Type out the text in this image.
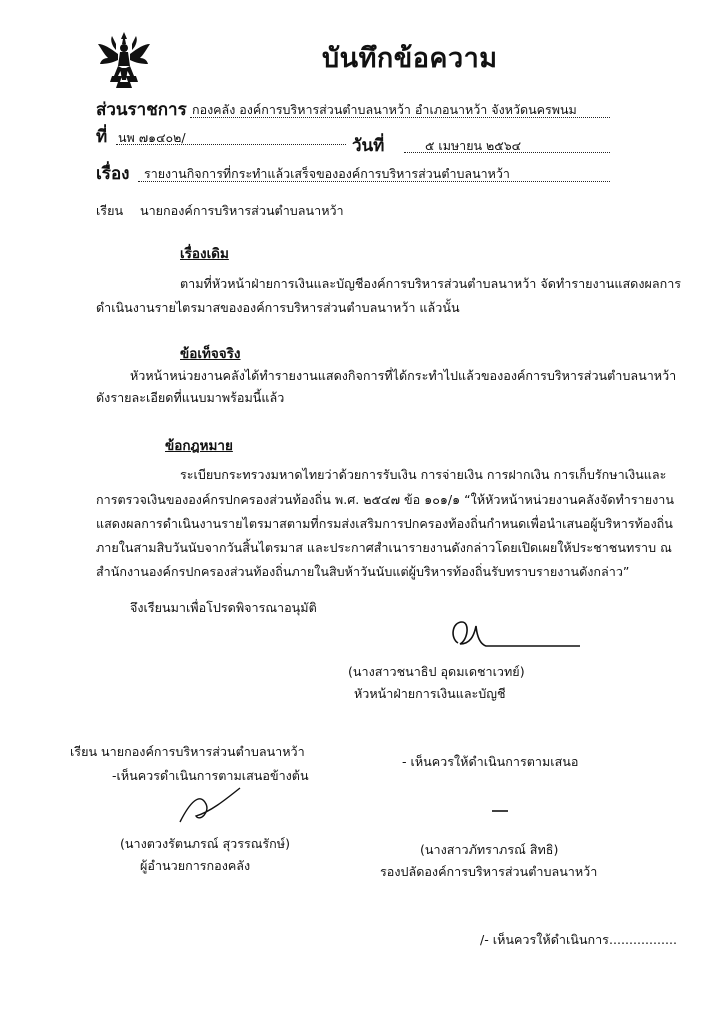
บันทึกข้อความ
ส่วนราชการ กองคลัง องค์การบริหารส่วนตำบลนาหว้า อำเภอนาหว้า จังหวัดนครพนม
ที่ นพ ๗๑๔๐๒/	วันที่	๕ เมษายน ๒๕๖๔
เรื่อง รายงานกิจการที่กระทำแล้วเสร็จขององค์การบริหารส่วนตำบลนาหว้า
เรียน นายกองค์การบริหารส่วนตำบลนาหว้า
เรื่องเดิม
ตามที่หัวหน้าฝ่ายการเงินและบัญชีองค์การบริหารส่วนตำบลนาหว้า จัดทำรายงานแสดงผลการ
ดำเนินงานรายไตรมาสขององค์การบริหารส่วนตำบลนาหว้า แล้วนั้น
ข้อเท็จจริง
หัวหน้าหน่วยงานคลังได้ทำรายงานแสดงกิจการที่ได้กระทำไปแล้วขององค์การบริหารส่วนตำบลนาหว้า
ดังรายละเอียดที่แนบมาพร้อมนี้แล้ว
ข้อกฎหมาย
ระเบียบกระทรวงมหาดไทยว่าด้วยการรับเงิน การจ่ายเงิน การฝากเงิน การเก็บรักษาเงินและ
การตรวจเงินขององค์กรปกครองส่วนท้องถิ่น พ.ศ. ๒๕๔๗ ข้อ ๑๐๑/๑ “ให้หัวหน้าหน่วยงานคลังจัดทำรายงาน
แสดงผลการดำเนินงานรายไตรมาสตามที่กรมส่งเสริมการปกครองท้องถิ่นกำหนดเพื่อนำเสนอผู้บริหารท้องถิ่น
ภายในสามสิบวันนับจากวันสิ้นไตรมาส และประกาศสำเนารายงานดังกล่าวโดยเปิดเผยให้ประชาชนทราบ ณ
สำนักงานองค์กรปกครองส่วนท้องถิ่นภายในสิบห้าวันนับแต่ผู้บริหารท้องถิ่นรับทราบรายงานดังกล่าว”
จึงเรียนมาเพื่อโปรดพิจารณาอนุมัติ
(นางสาวชนาธิป อุดมเดชาเวทย์)
หัวหน้าฝ่ายการเงินและบัญชี
เรียน นายกองค์การบริหารส่วนตำบลนาหว้า
-เห็นควรดำเนินการตามเสนอข้างต้น
(นางตวงรัตนภรณ์ สุวรรณรักษ์)
ผู้อำนวยการกองคลัง
- เห็นควรให้ดำเนินการตามเสนอ
(นางสาวภัทราภรณ์ สิทธิ)
รองปลัดองค์การบริหารส่วนตำบลนาหว้า
/- เห็นควรให้ดำเนินการ.................
